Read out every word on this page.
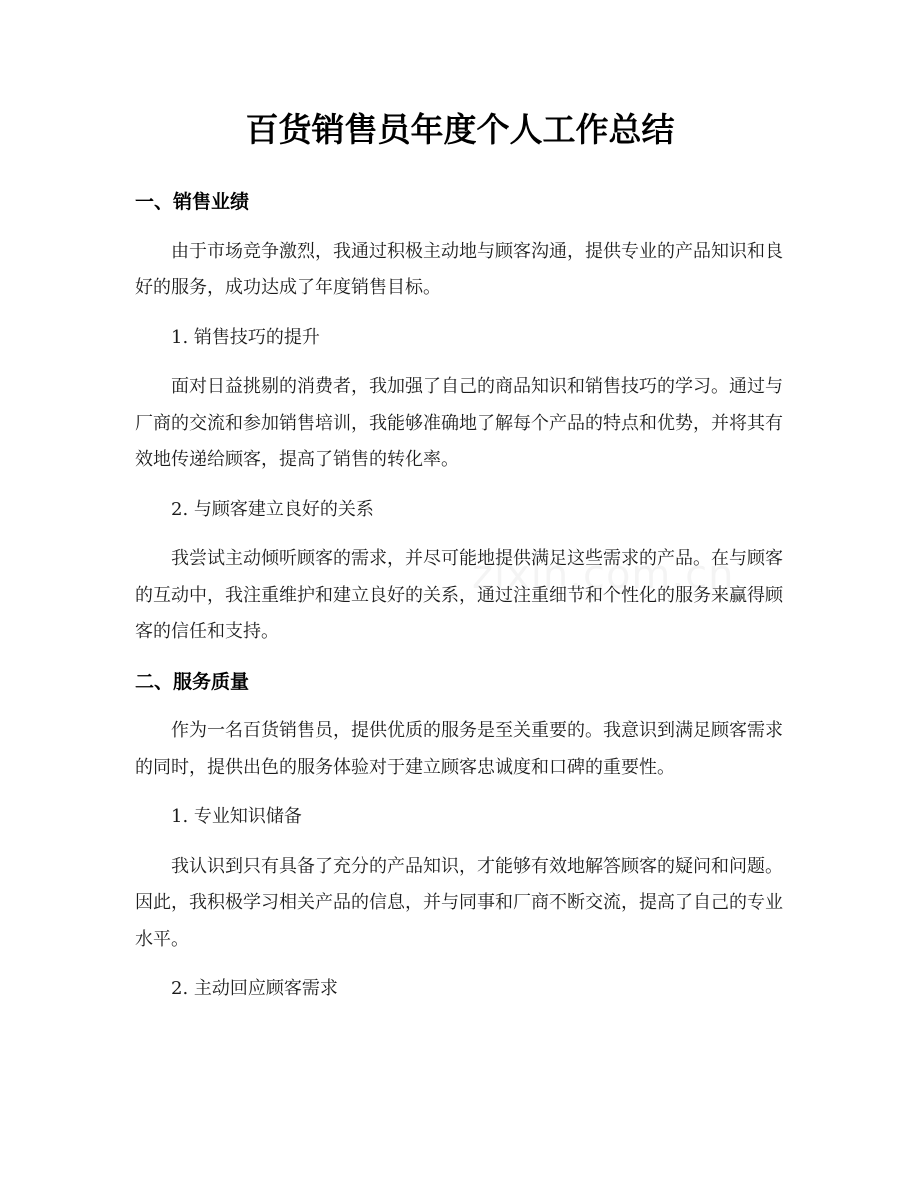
百货销售员年度个人工作总结
一、销售业绩

由于市场竞争激烈，我通过积极主动地与顾客沟通，提供专业的产品知识和良好的服务，成功达成了年度销售目标。

1. 销售技巧的提升

面对日益挑剔的消费者，我加强了自己的商品知识和销售技巧的学习。通过与厂商的交流和参加销售培训，我能够准确地了解每个产品的特点和优势，并将其有效地传递给顾客，提高了销售的转化率。

2. 与顾客建立良好的关系

我尝试主动倾听顾客的需求，并尽可能地提供满足这些需求的产品。在与顾客的互动中，我注重维护和建立良好的关系，通过注重细节和个性化的服务来赢得顾客的信任和支持。

二、服务质量

作为一名百货销售员，提供优质的服务是至关重要的。我意识到满足顾客需求的同时，提供出色的服务体验对于建立顾客忠诚度和口碑的重要性。

1. 专业知识储备

我认识到只有具备了充分的产品知识，才能够有效地解答顾客的疑问和问题。因此，我积极学习相关产品的信息，并与同事和厂商不断交流，提高了自己的专业水平。

2. 主动回应顾客需求
